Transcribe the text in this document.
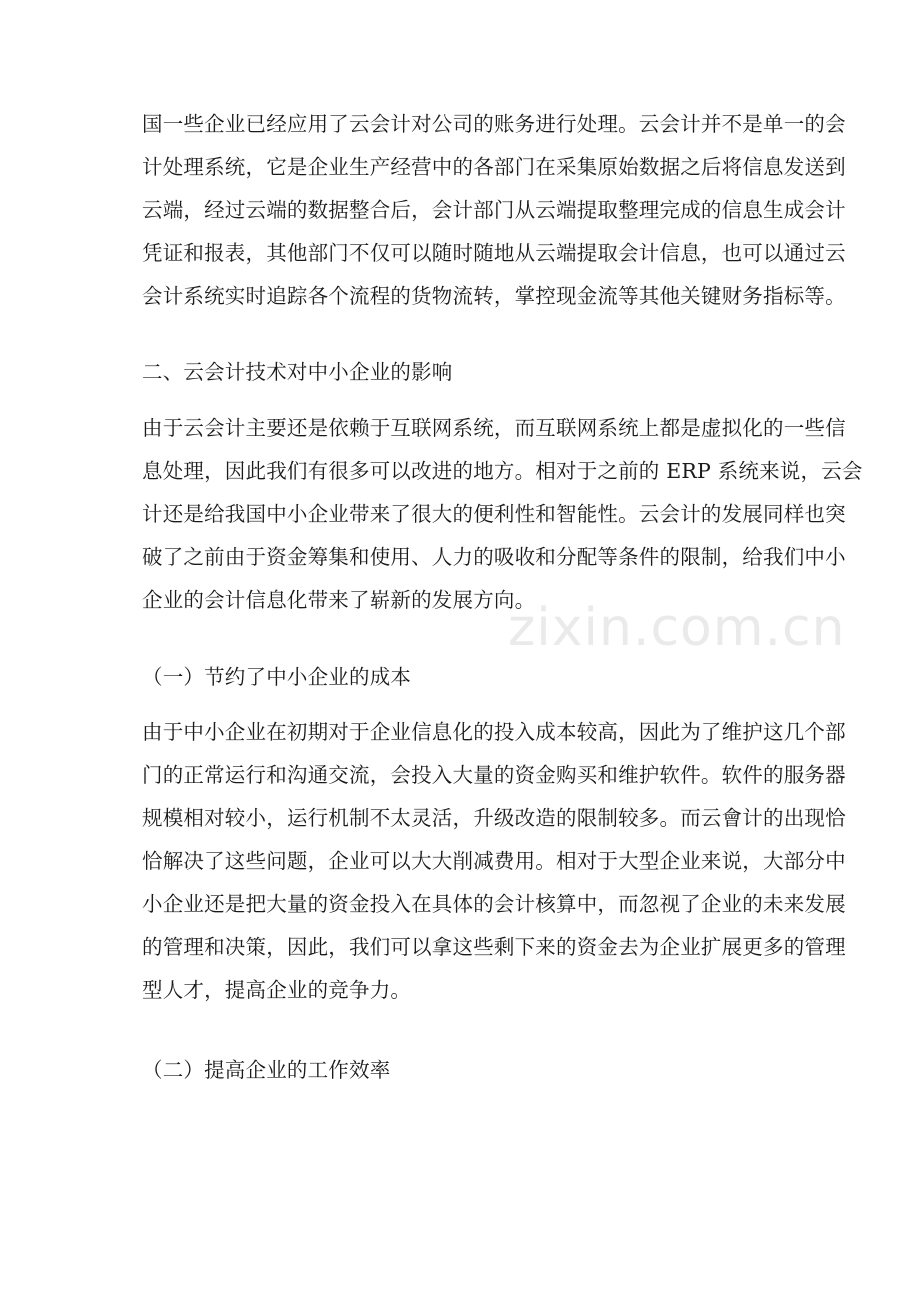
国一些企业已经应用了云会计对公司的账务进行处理。云会计并不是单一的会
计处理系统，它是企业生产经营中的各部门在采集原始数据之后将信息发送到
云端，经过云端的数据整合后，会计部门从云端提取整理完成的信息生成会计
凭证和报表，其他部门不仅可以随时随地从云端提取会计信息，也可以通过云
会计系统实时追踪各个流程的货物流转，掌控现金流等其他关键财务指标等。
二、云会计技术对中小企业的影响
由于云会计主要还是依赖于互联网系统，而互联网系统上都是虚拟化的一些信
息处理，因此我们有很多可以改进的地方。相对于之前的 ERP 系统来说，云会
计还是给我国中小企业带来了很大的便利性和智能性。云会计的发展同样也突
破了之前由于资金筹集和使用、人力的吸收和分配等条件的限制，给我们中小
企业的会计信息化带来了崭新的发展方向。
（一）节约了中小企业的成本
由于中小企业在初期对于企业信息化的投入成本较高，因此为了维护这几个部
门的正常运行和沟通交流，会投入大量的资金购买和维护软件。软件的服务器
规模相对较小，运行机制不太灵活，升级改造的限制较多。而云會计的出现恰
恰解决了这些问题，企业可以大大削减费用。相对于大型企业来说，大部分中
小企业还是把大量的资金投入在具体的会计核算中，而忽视了企业的未来发展
的管理和决策，因此，我们可以拿这些剩下来的资金去为企业扩展更多的管理
型人才，提高企业的竞争力。
（二）提高企业的工作效率
zixin.com.cn
